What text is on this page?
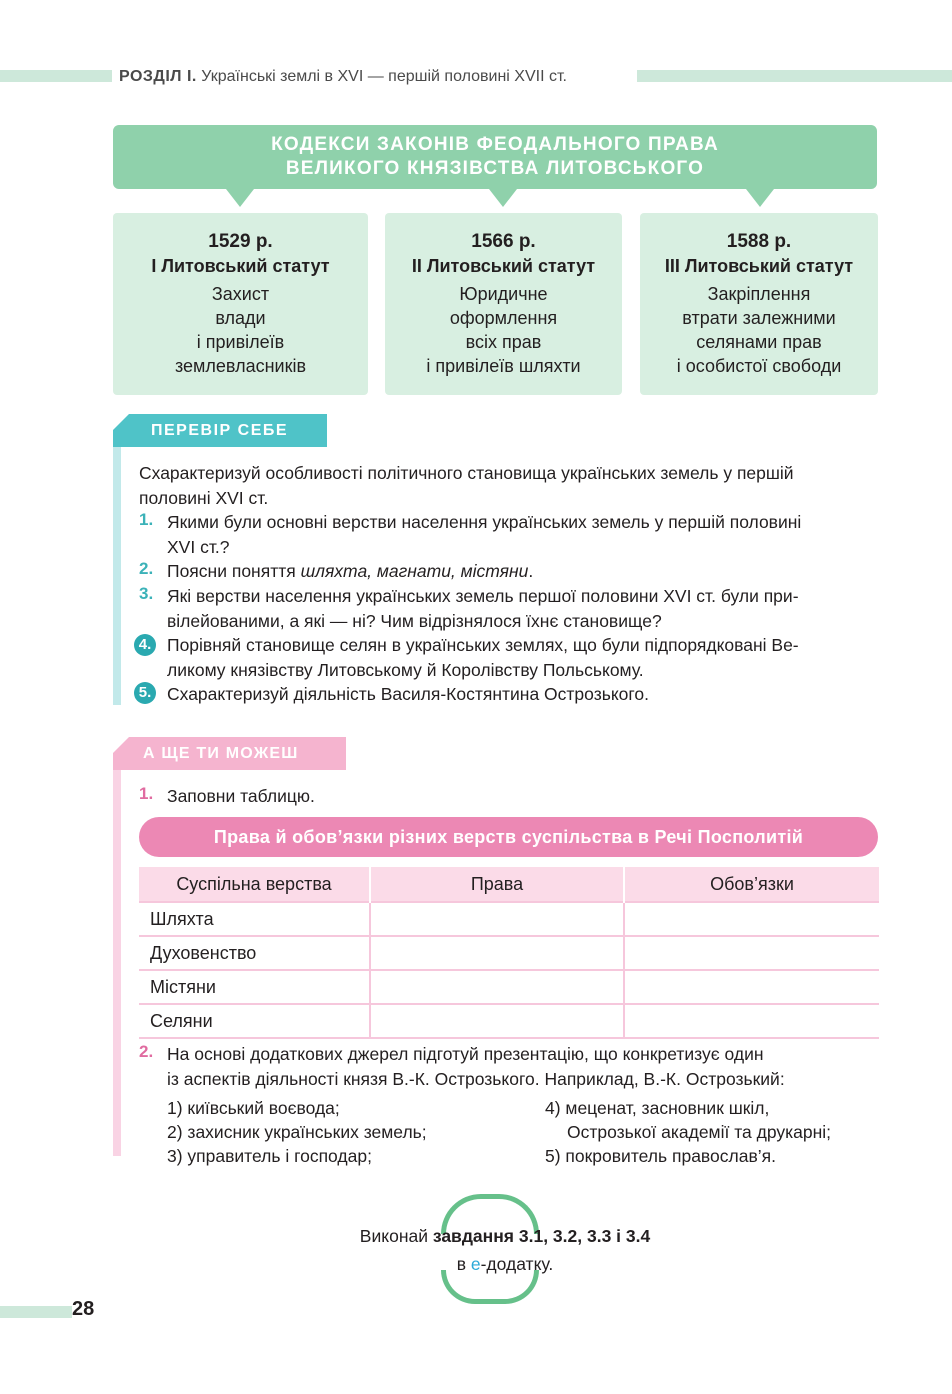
РОЗДІЛ І. Українські землі в XVI — першій половині XVII ст.
КОДЕКСИ ЗАКОНІВ ФЕОДАЛЬНОГО ПРАВА
ВЕЛИКОГО КНЯЗІВСТВА ЛИТОВСЬКОГО
1529 р.
І Литовський статут
Захист
влади
і привілеїв
землевласників
1566 р.
ІІ Литовський статут
Юридичне
оформлення
всіх прав
і привілеїв шляхти
1588 р.
ІІІ Литовський статут
Закріплення
втрати залежними
селянами прав
і особистої свободи
ПЕРЕВІР СЕБЕ
Схарактеризуй особливості політичного становища українських земель у першій
половині XVI ст.
1. Якими були основні верстви населення українських земель у першій половині
XVI ст.?
2. Поясни поняття шляхта, магнати, містяни.
3. Які верстви населення українських земель першої половини XVI ст. були при-
вілейованими, а які — ні? Чим відрізнялося їхнє становище?
4. Порівняй становище селян в українських землях, що були підпорядковані Ве-
ликому князівству Литовському й Королівству Польському.
5. Схарактеризуй діяльність Василя-Костянтина Острозького.
А ЩЕ ТИ МОЖЕШ
1. Заповни таблицю.
Права й обов’язки різних верств суспільства в Речі Посполитій
Суспільна верства	Права	Обов’язки
Шляхта		
Духовенство		
Містяни		
Селяни		
2. На основі додаткових джерел підготуй презентацію, що конкретизує один
із аспектів діяльності князя В.-К. Острозького. Наприклад, В.-К. Острозький:
1) київський воєвода;
2) захисник українських земель;
3) управитель і господар;
4) меценат, засновник шкіл,
Острозької академії та друкарні;
5) покровитель православ’я.
Виконай завдання 3.1, 3.2, 3.3 і 3.4
в е-додатку.
28
